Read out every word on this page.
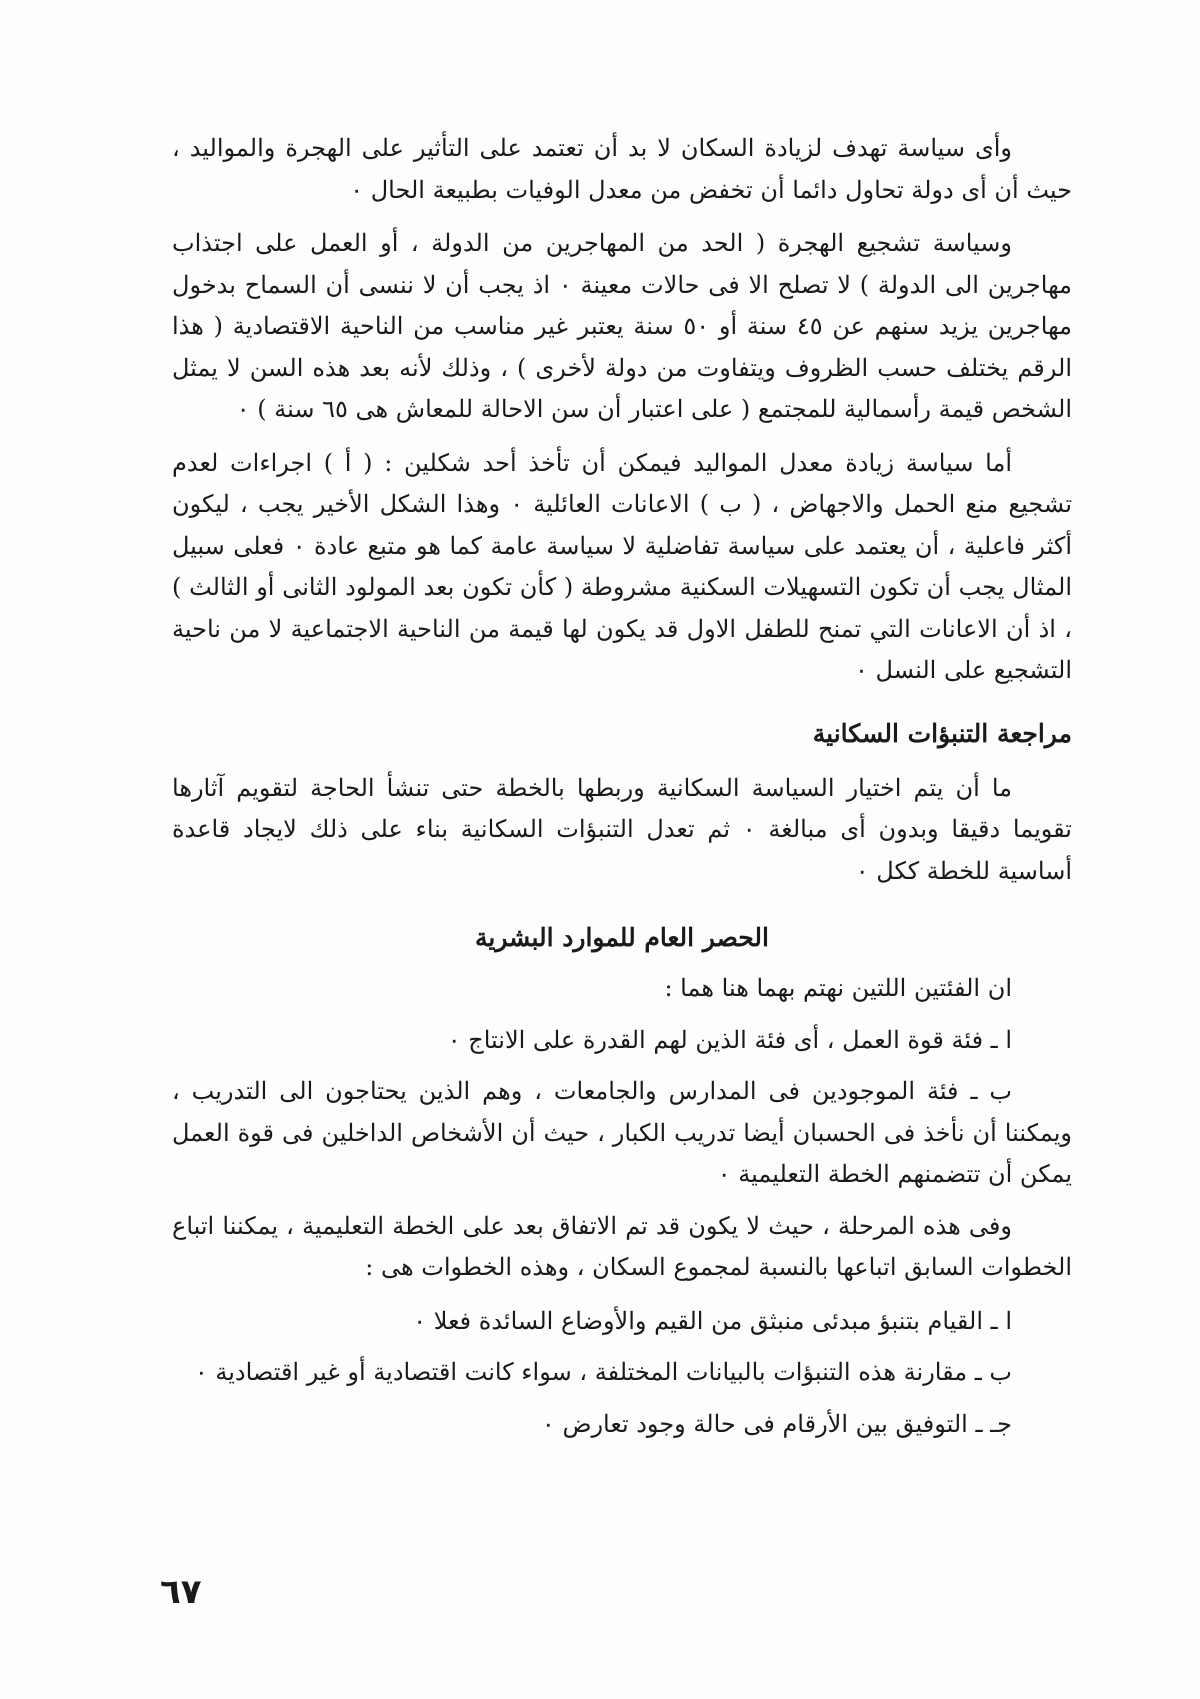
وأى سياسة تهدف لزيادة السكان لا بد أن تعتمد على التأثير على الهجرة والمواليد ، حيث أن أى دولة تحاول دائما أن تخفض من معدل الوفيات بطبيعة الحال ٠

وسياسة تشجيع الهجرة ( الحد من المهاجرين من الدولة ، أو العمل على اجتذاب مهاجرين الى الدولة ) لا تصلح الا فى حالات معينة ٠ اذ يجب أن لا ننسى أن السماح بدخول مهاجرين يزيد سنهم عن ٤٥ سنة أو ٥٠ سنة يعتبر غير مناسب من الناحية الاقتصادية ( هذا الرقم يختلف حسب الظروف ويتفاوت من دولة لأخرى ) ، وذلك لأنه بعد هذه السن لا يمثل الشخص قيمة رأسمالية للمجتمع ( على اعتبار أن سن الاحالة للمعاش هى ٦٥ سنة ) ٠

أما سياسة زيادة معدل المواليد فيمكن أن تأخذ أحد شكلين : ( أ ) اجراءات لعدم تشجيع منع الحمل والاجهاض ، ( ب ) الاعانات العائلية ٠ وهذا الشكل الأخير يجب ، ليكون أكثر فاعلية ، أن يعتمد على سياسة تفاضلية لا سياسة عامة كما هو متبع عادة ٠ فعلى سبيل المثال يجب أن تكون التسهيلات السكنية مشروطة ( كأن تكون بعد المولود الثانى أو الثالث ) ، اذ أن الاعانات التي تمنح للطفل الاول قد يكون لها قيمة من الناحية الاجتماعية لا من ناحية التشجيع على النسل ٠

مراجعة التنبؤات السكانية

ما أن يتم اختيار السياسة السكانية وربطها بالخطة حتى تنشأ الحاجة لتقويم آثارها تقويما دقيقا وبدون أى مبالغة ٠ ثم تعدل التنبؤات السكانية بناء على ذلك لايجاد قاعدة أساسية للخطة ككل ٠

الحصر العام للموارد البشرية

ان الفئتين اللتين نهتم بهما هنا هما :

ا ـ فئة قوة العمل ، أى فئة الذين لهم القدرة على الانتاج ٠

ب ـ فئة الموجودين فى المدارس والجامعات ، وهم الذين يحتاجون الى التدريب ، ويمكننا أن نأخذ فى الحسبان أيضا تدريب الكبار ، حيث أن الأشخاص الداخلين فى قوة العمل يمكن أن تتضمنهم الخطة التعليمية ٠

وفى هذه المرحلة ، حيث لا يكون قد تم الاتفاق بعد على الخطة التعليمية ، يمكننا اتباع الخطوات السابق اتباعها بالنسبة لمجموع السكان ، وهذه الخطوات هى :

ا ـ القيام بتنبؤ مبدئى منبثق من القيم والأوضاع السائدة فعلا ٠

ب ـ مقارنة هذه التنبؤات بالبيانات المختلفة ، سواء كانت اقتصادية أو غير اقتصادية ٠

جـ ـ التوفيق بين الأرقام فى حالة وجود تعارض ٠

٦٧
